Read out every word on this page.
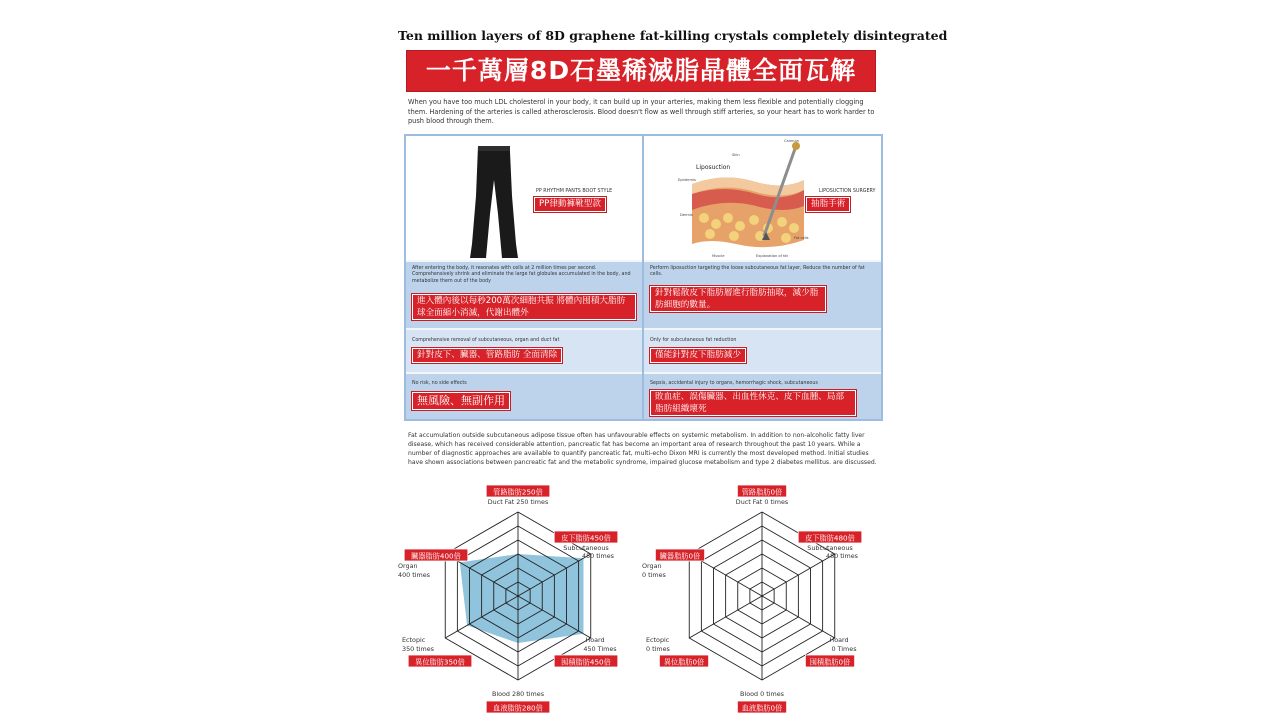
Ten million layers of 8D graphene fat-killing crystals completely disintegrated
一千萬層8D石墨稀滅脂晶體全面瓦解
When you have too much LDL cholesterol in your body, it can build up in your arteries, making them less flexible and potentially clogging them. Hardening of the arteries is called atherosclerosis. Blood doesn't flow as well through stiff arteries, so your heart has to work harder to push blood through them.
PP RHYTHM PANTS BOOT STYLE
PP律動褲靴型款
Liposuction
Skin
Cannula
Epidermis
Dermis
Fat cells
Muscle	Explanation of fat
LIPOSUCTION SURGERY
抽脂手術
After entering the body, it resonates with cells at 2 million times per second. Comprehensively shrink and eliminate the large fat globules accumulated in the body, and metabolize them out of the body
進入體內後以每秒200萬次細胞共振 將體內囤積大脂肪球全面縮小消滅，代謝出體外
Perform liposuction targeting the loose subcutaneous fat layer, Reduce the number of fat cells.
針對鬆散皮下脂肪層進行脂肪抽取，減少脂肪細胞的數量。
Comprehensive removal of subcutaneous, organ and duct fat
針對皮下、臟器、管路脂肪 全面清除
Only for subcutaneous fat reduction
僅能針對皮下脂肪減少
No risk, no side effects
無風險、無副作用
Sepsis, accidental injury to organs, hemorrhagic shock, subcutaneous
敗血症、誤傷臟器、出血性休克、皮下血腫、局部脂肪組織壞死
Fat accumulation outside subcutaneous adipose tissue often has unfavourable effects on systemic metabolism. In addition to non-alcoholic fatty liver disease, which has received considerable attention, pancreatic fat has become an important area of research throughout the past 10 years. While a number of diagnostic approaches are available to quantify pancreatic fat, multi-echo Dixon MRI is currently the most developed method. Initial studies have shown associations between pancreatic fat and the metabolic syndrome, impaired glucose metabolism and type 2 diabetes mellitus. are discussed.
管路脂肪250倍
Duct Fat 250 times
皮下脂肪450倍
Subcutaneous
450 times
囤積脂肪450倍
Hoard
450 Times
血液脂肪280倍
Blood 280 times
異位脂肪350倍
Ectopic
350 times
臟器脂肪400倍
Organ
400 times
管路脂肪0倍
Duct Fat 0 times
皮下脂肪480倍
Subcutaneous
480 times
囤積脂肪0倍
Hoard
0 Times
血液脂肪0倍
Blood 0 times
異位脂肪0倍
Ectopic
0 times
臟器脂肪0倍
Organ
0 times
